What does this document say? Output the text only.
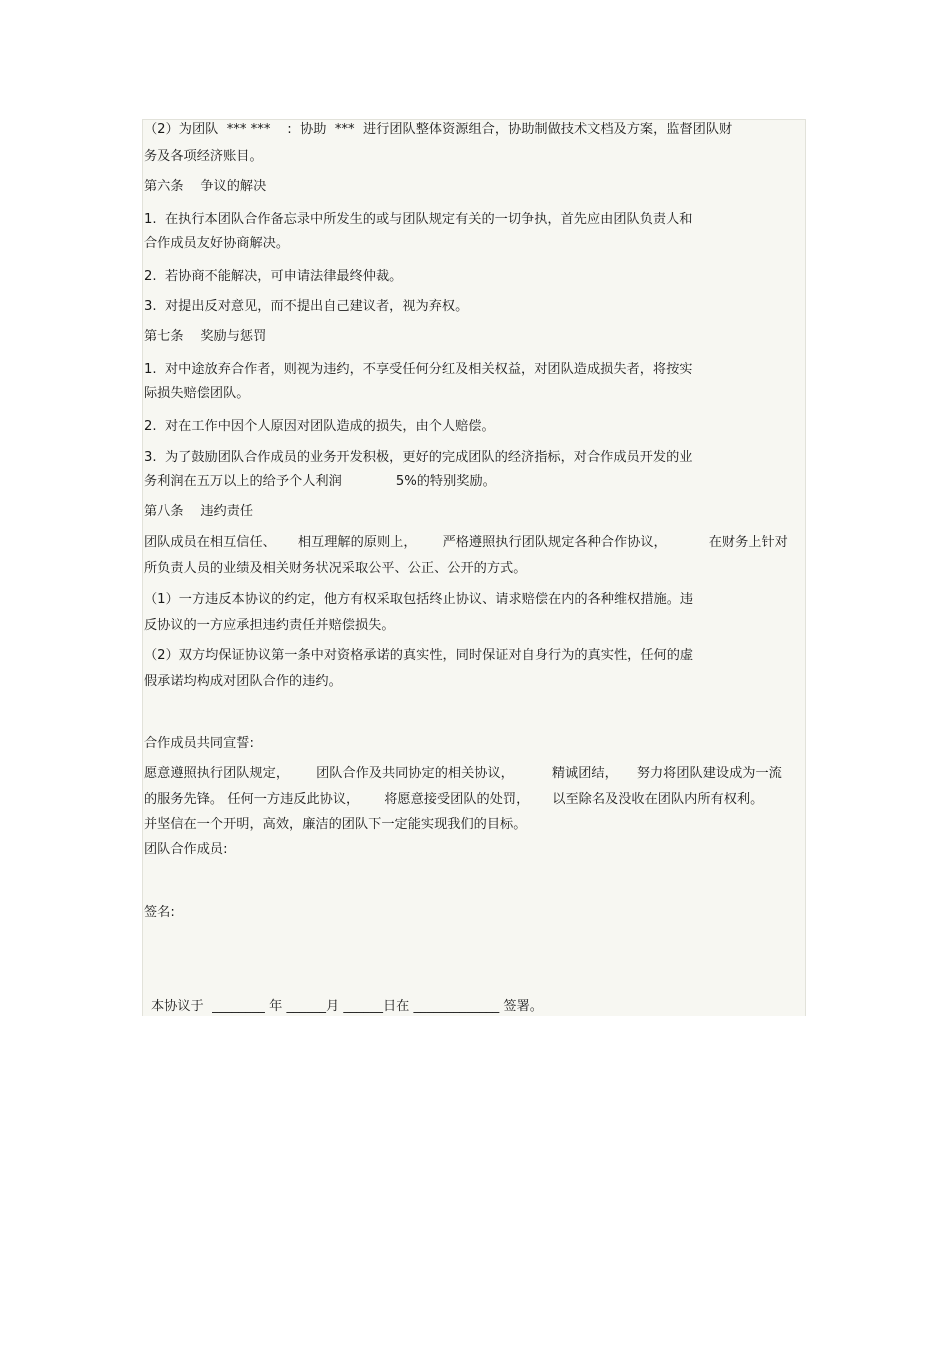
（2）为团队  *** ***    :  协助  ***  进行团队整体资源组合，协助制做技术文档及方案，监督团队财
务及各项经济账目。
第六条    争议的解决
1.  在执行本团队合作备忘录中所发生的或与团队规定有关的一切争执，首先应由团队负责人和
合作成员友好协商解决。
2.  若协商不能解决，可申请法律最终仲裁。
3.  对提出反对意见，而不提出自己建议者，视为弃权。
第七条    奖励与惩罚
1.  对中途放弃合作者，则视为违约，不享受任何分红及相关权益，对团队造成损失者，将按实
际损失赔偿团队。
2.  对在工作中因个人原因对团队造成的损失，由个人赔偿。
3.  为了鼓励团队合作成员的业务开发积极，更好的完成团队的经济指标，对合作成员开发的业
务利润在五万以上的给予个人利润	5%的特别奖励。
第八条    违约责任
团队成员在相互信任、 相互理解的原则上， 严格遵照执行团队规定各种合作协议，	在财务上针对
所负责人员的业绩及相关财务状况采取公平、公正、公开的方式。
（1）一方违反本协议的约定，他方有权采取包括终止协议、请求赔偿在内的各种维权措施。违
反协议的一方应承担违约责任并赔偿损失。
（2）双方均保证协议第一条中对资格承诺的真实性，同时保证对自身行为的真实性，任何的虚
假承诺均构成对团队合作的违约。
合作成员共同宣誓:
愿意遵照执行团队规定， 团队合作及共同协定的相关协议，	精诚团结， 努力将团队建设成为一流
的服务先锋。 任何一方违反此协议， 将愿意接受团队的处罚， 以至除名及没收在团队内所有权利。
并坚信在一个开明，高效，廉洁的团队下一定能实现我们的目标。
团队合作成员:
签名:
本协议于  ________ 年 ______月 ______日在 _____________ 签署。
